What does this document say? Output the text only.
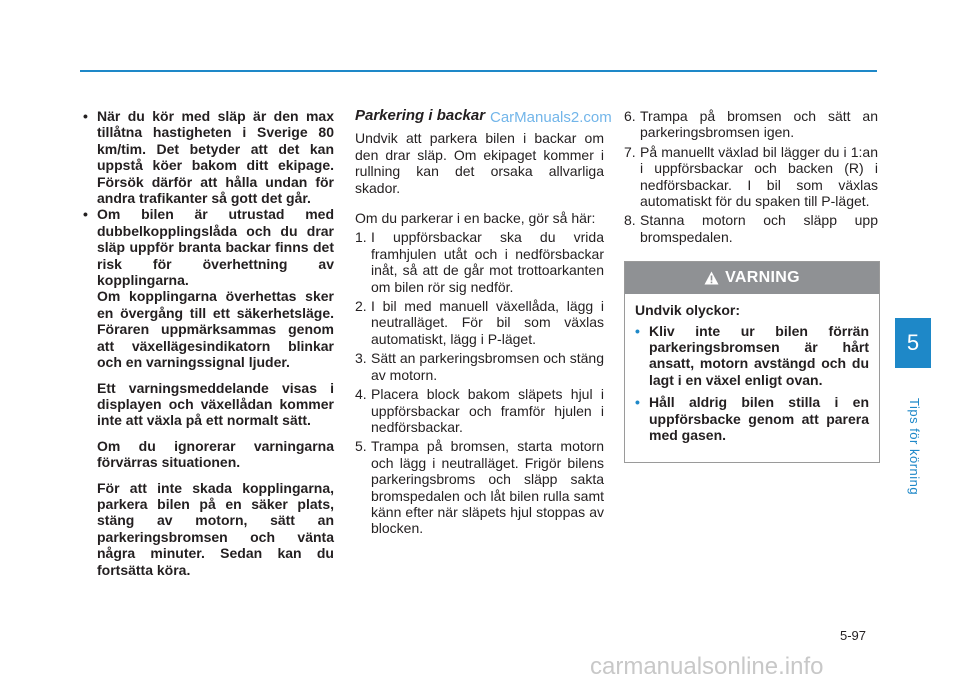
• När du kör med släp är den max tillåtna hastigheten i Sverige 80 km/tim. Det betyder att det kan uppstå köer bakom ditt ekipage. Försök därför att hålla undan för andra trafikanter så gott det går.

• Om bilen är utrustad med dubbelkopplingslåda och du drar släp uppför branta backar finns det risk för överhettning av kopplingarna.

Om kopplingarna överhettas sker en övergång till ett säkerhetsläge. Föraren uppmärksammas genom att växellägesindikatorn blinkar och en varningssignal ljuder.

Ett varningsmeddelande visas i displayen och växellådan kommer inte att växla på ett normalt sätt.

Om du ignorerar varningarna förvärras situationen.

För att inte skada kopplingarna, parkera bilen på en säker plats, stäng av motorn, sätt an parkeringsbromsen och vänta några minuter. Sedan kan du fortsätta köra.

Parkering i backar

Undvik att parkera bilen i backar om den drar släp. Om ekipaget kommer i rullning kan det orsaka allvarliga skador.

Om du parkerar i en backe, gör så här:

1. I uppförsbackar ska du vrida framhjulen utåt och i nedförsbackar inåt, så att de går mot trottoarkanten om bilen rör sig nedför.

2. I bil med manuell växellåda, lägg i neutralläget. För bil som växlas automatiskt, lägg i P-läget.

3. Sätt an parkeringsbromsen och stäng av motorn.

4. Placera block bakom släpets hjul i uppförsbackar och framför hjulen i nedförsbackar.

5. Trampa på bromsen, starta motorn och lägg i neutralläget. Frigör bilens parkeringsbroms och släpp sakta bromspedalen och låt bilen rulla samt känn efter när släpets hjul stoppas av blocken.

6. Trampa på bromsen och sätt an parkeringsbromsen igen.

7. På manuellt växlad bil lägger du i 1:an i uppförsbackar och backen (R) i nedförsbackar. I bil som växlas automatiskt för du spaken till P-läget.

8. Stanna motorn och släpp upp bromspedalen.

VARNING

Undvik olyckor:

• Kliv inte ur bilen förrän parkeringsbromsen är hårt ansatt, motorn avstängd och du lagt i en växel enligt ovan.

• Håll aldrig bilen stilla i en uppförsbacke genom att parera med gasen.

5
Tips för körning
5-97
CarManuals2.com
carmanualsonline.info
